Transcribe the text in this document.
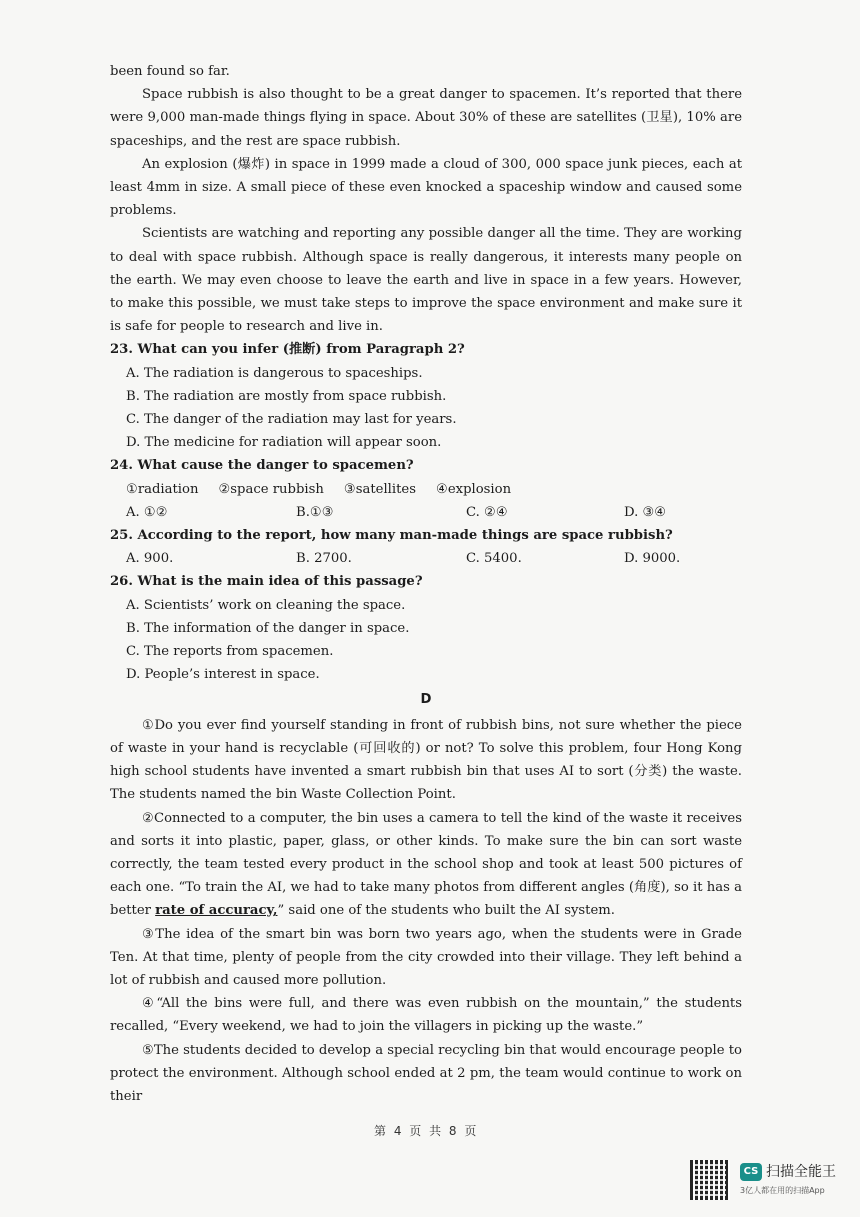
been found so far.

Space rubbish is also thought to be a great danger to spacemen. It’s reported that there were 9,000 man-made things flying in space. About 30% of these are satellites (卫星), 10% are spaceships, and the rest are space rubbish.

An explosion (爆炸) in space in 1999 made a cloud of 300, 000 space junk pieces, each at least 4mm in size. A small piece of these even knocked a spaceship window and caused some problems.

Scientists are watching and reporting any possible danger all the time. They are working to deal with space rubbish. Although space is really dangerous, it interests many people on the earth. We may even choose to leave the earth and live in space in a few years. However, to make this possible, we must take steps to improve the space environment and make sure it is safe for people to research and live in.

23. What can you infer (推断) from Paragraph 2?

A. The radiation is dangerous to spaceships.

B. The radiation are mostly from space rubbish.

C. The danger of the radiation may last for years.

D. The medicine for radiation will appear soon.

24. What cause the danger to spacemen?

①radiation ②space rubbish ③satellites ④explosion
A. ①②	B.①③	C. ②④	D. ③④

25. According to the report, how many man-made things are space rubbish?

A. 900.	B. 2700.	C. 5400.	D. 9000.

26. What is the main idea of this passage?

A. Scientists’ work on cleaning the space.

B. The information of the danger in space.

C. The reports from spacemen.

D. People’s interest in space.

D

①Do you ever find yourself standing in front of rubbish bins, not sure whether the piece of waste in your hand is recyclable (可回收的) or not? To solve this problem, four Hong Kong high school students have invented a smart rubbish bin that uses AI to sort (分类) the waste. The students named the bin Waste Collection Point.

②Connected to a computer, the bin uses a camera to tell the kind of the waste it receives and sorts it into plastic, paper, glass, or other kinds. To make sure the bin can sort waste correctly, the team tested every product in the school shop and took at least 500 pictures of each one. “To train the AI, we had to take many photos from different angles (角度), so it has a better rate of accuracy,” said one of the students who built the AI system.

③The idea of the smart bin was born two years ago, when the students were in Grade Ten. At that time, plenty of people from the city crowded into their village. They left behind a lot of rubbish and caused more pollution.

④“All the bins were full, and there was even rubbish on the mountain,” the students recalled, “Every weekend, we had to join the villagers in picking up the waste.”

⑤The students decided to develop a special recycling bin that would encourage people to protect the environment. Although school ended at 2 pm, the team would continue to work on their

第 4 页 共 8 页
CS 扫描全能王
3亿人都在用的扫描App
